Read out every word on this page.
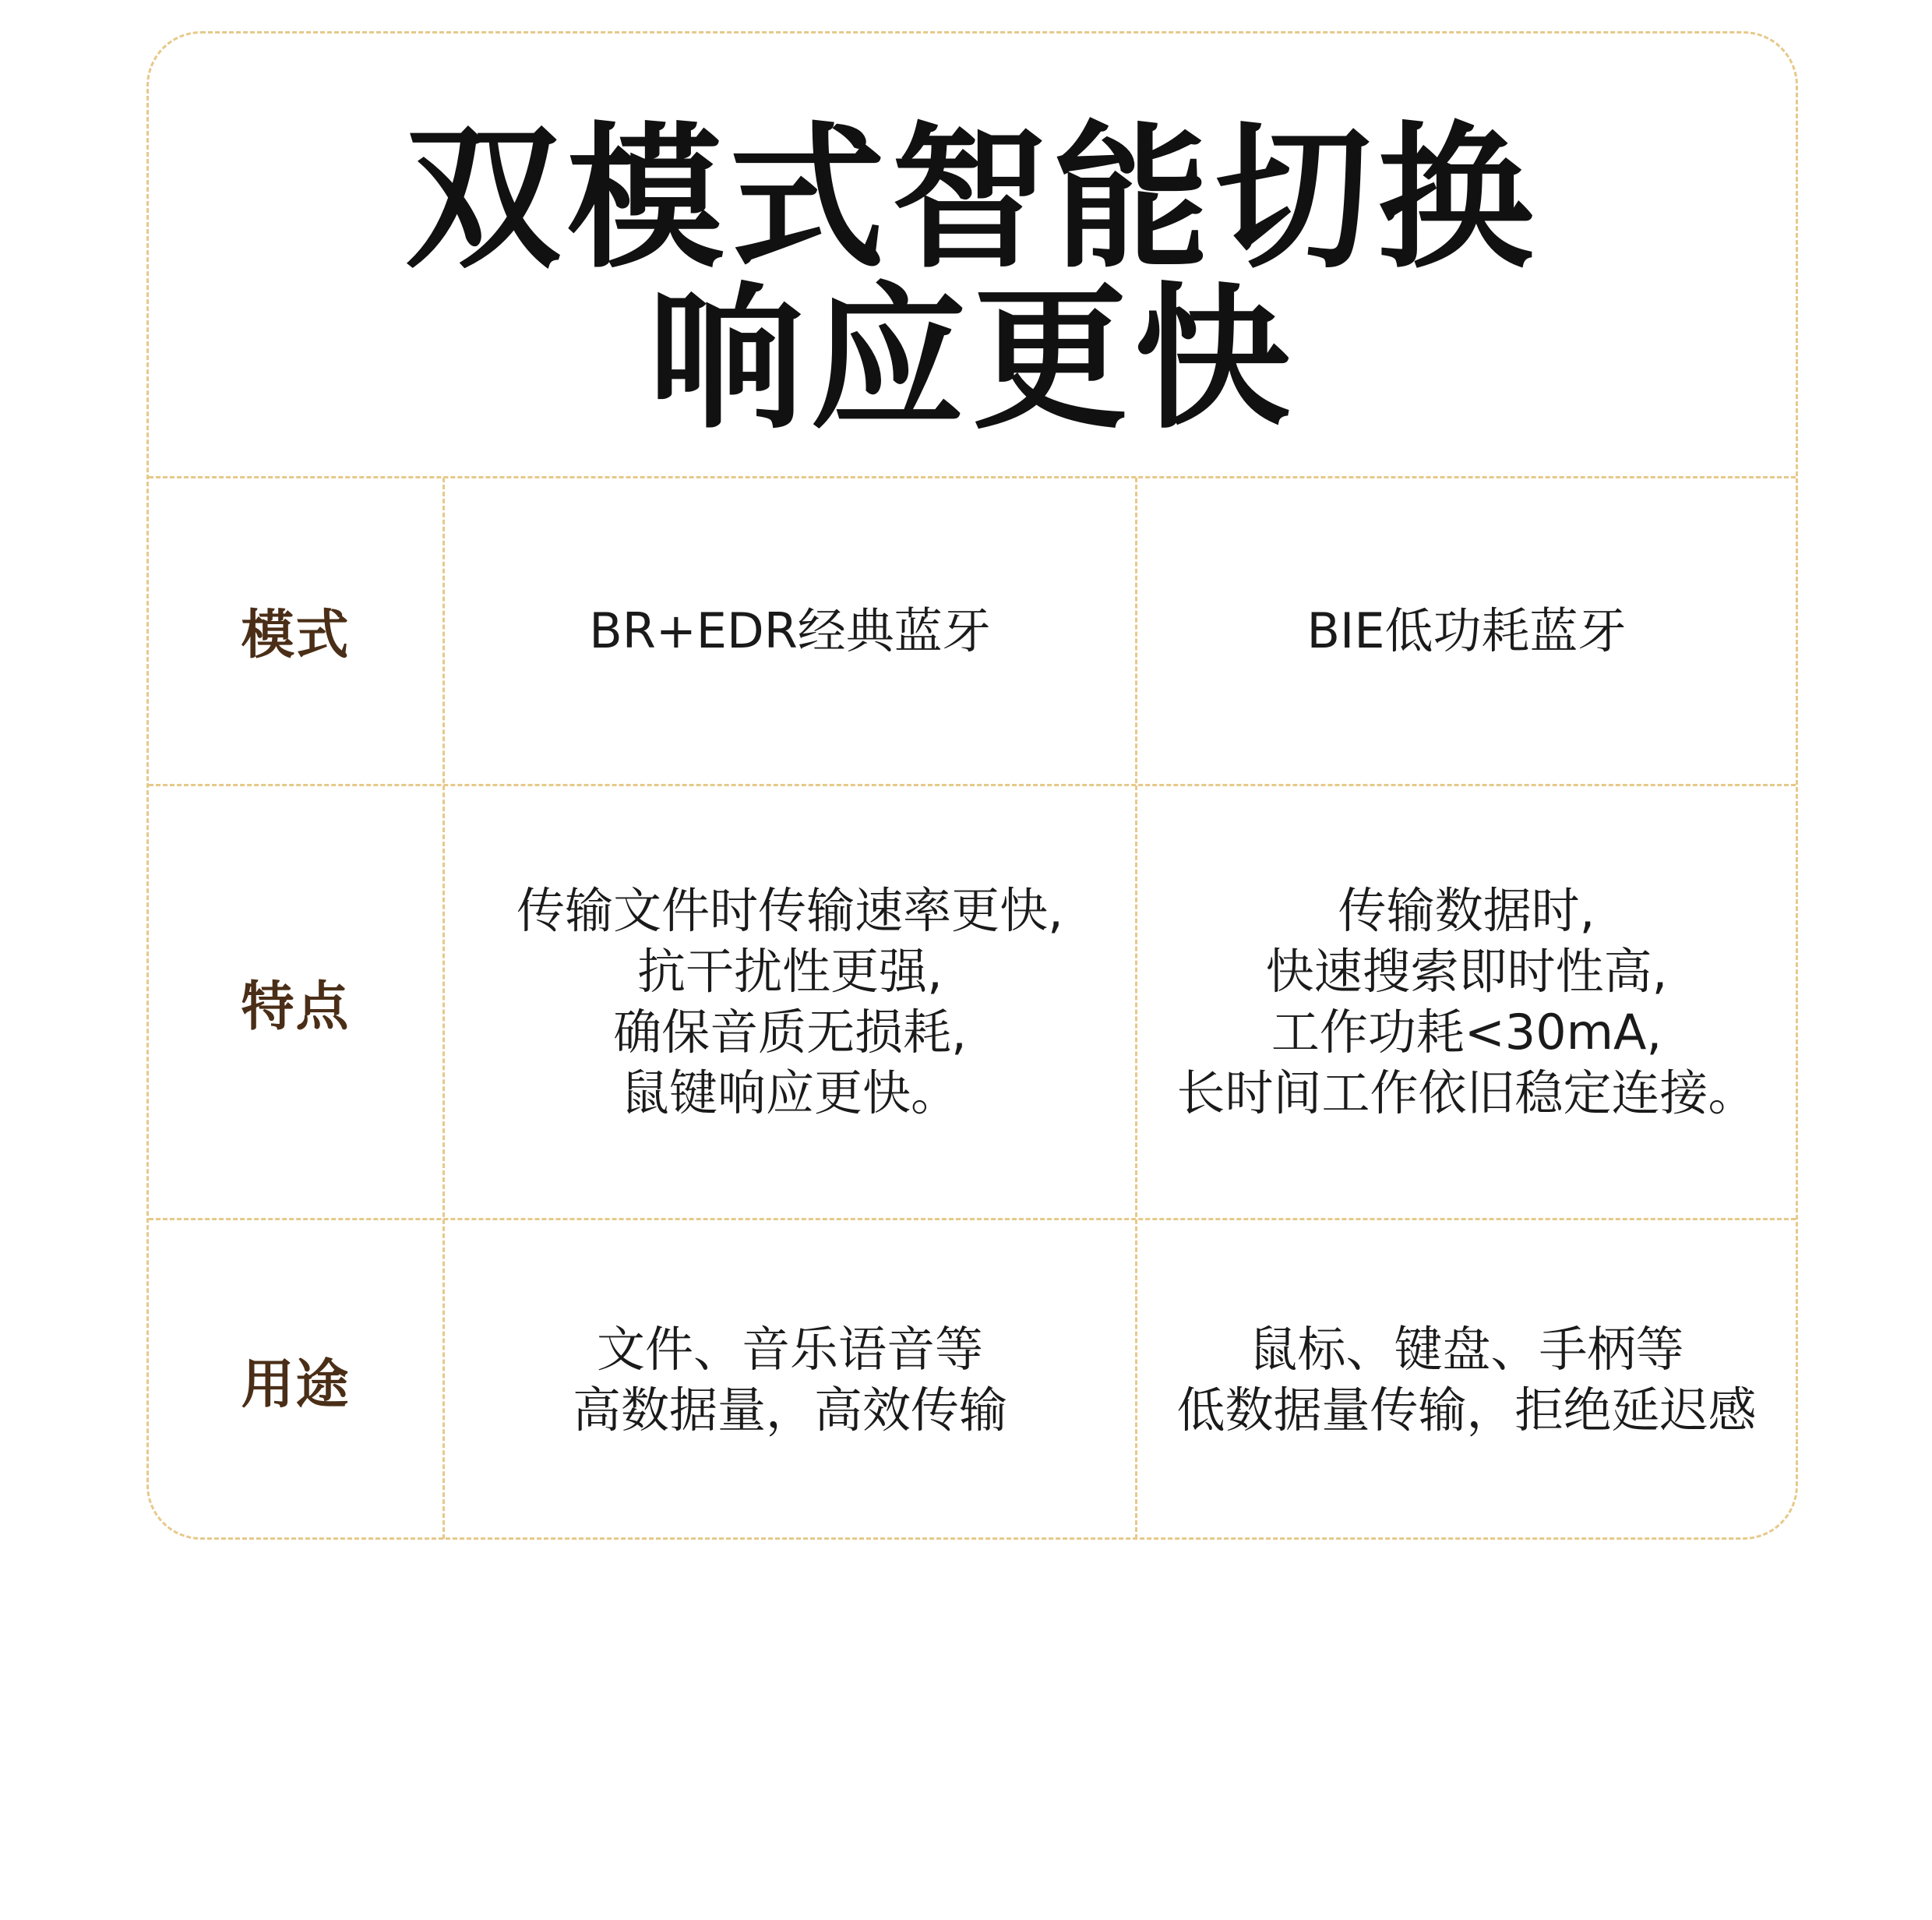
双模式智能切换
响应更快
模式	BR+EDR经典蓝牙	BIE低功耗蓝牙
特点
传输文件时传输速率更快,
抗干扰性更强,
确保音质无损耗,
鼠键响应更快。
传输数据时,
快速搜索即时性高,
工作功耗<30mA,
长时间工作依旧稳定连接。
用途
文件、音乐语音等
高数据量，高效传输
鼠标、键盘、手柄等
低数据量传输，拒绝延迟感
